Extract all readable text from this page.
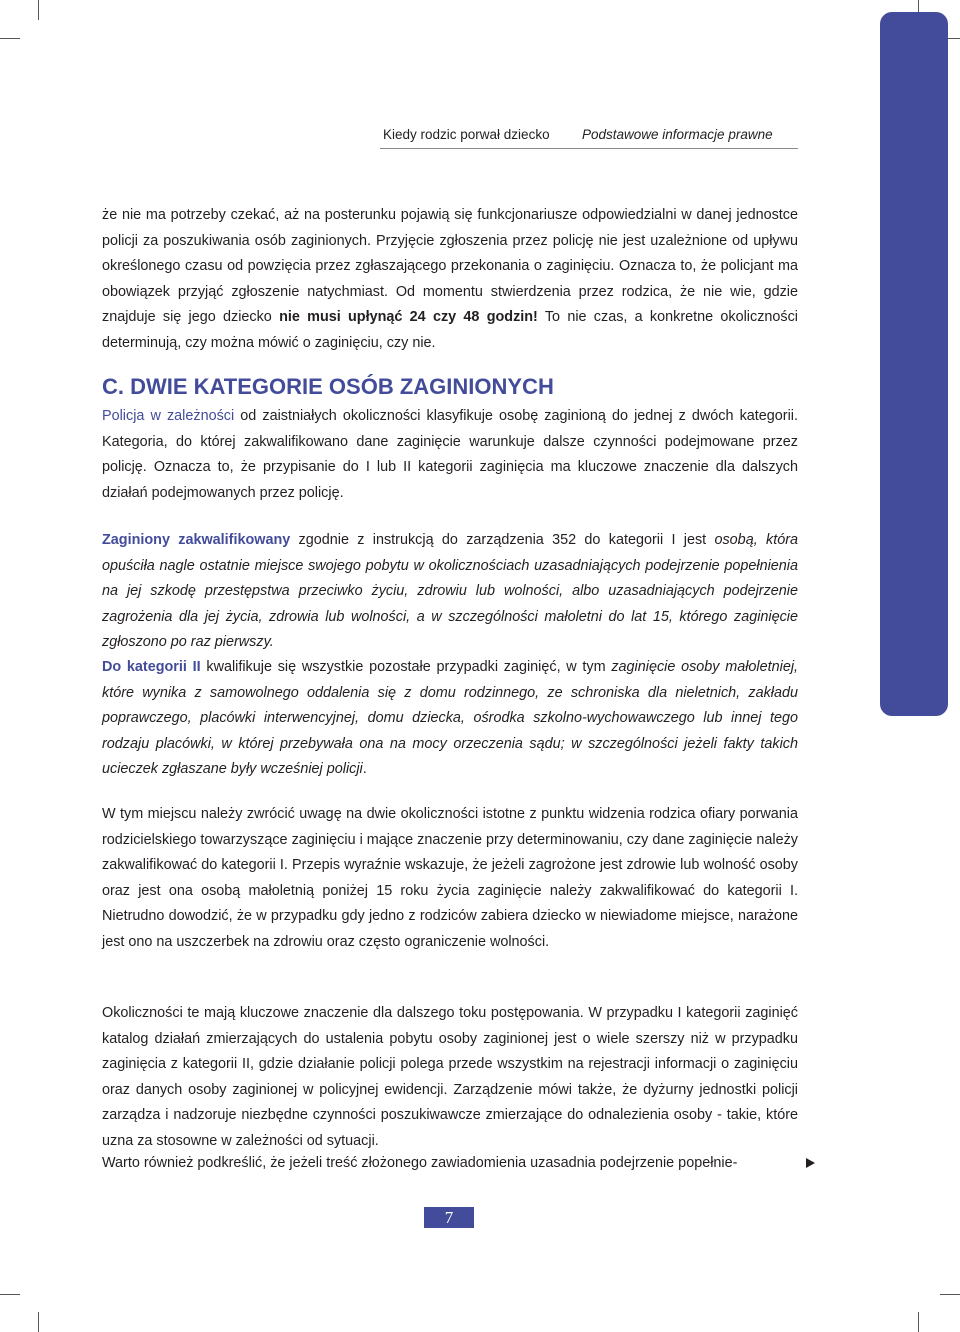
Kiedy rodzic porwał dziecko Podstawowe informacje prawne

że nie ma potrzeby czekać, aż na posterunku pojawią się funkcjonariusze odpowiedzialni w danej jednostce policji za poszukiwania osób zaginionych. Przyjęcie zgłoszenia przez policję nie jest uzależnione od upływu określonego czasu od powzięcia przez zgłaszającego przekonania o zaginięciu. Oznacza to, że policjant ma obowiązek przyjąć zgłoszenie natychmiast. Od momentu stwierdzenia przez rodzica, że nie wie, gdzie znajduje się jego dziecko nie musi upłynąć 24 czy 48 godzin! To nie czas, a konkretne okoliczności determinują, czy można mówić o zaginięciu, czy nie.

C. DWIE KATEGORIE OSÓB ZAGINIONYCH

Policja w zależności od zaistniałych okoliczności klasyfikuje osobę zaginioną do jednej z dwóch kategorii. Kategoria, do której zakwalifikowano dane zaginięcie warunkuje dalsze czynności podejmowane przez policję. Oznacza to, że przypisanie do I lub II kategorii zaginięcia ma kluczowe znaczenie dla dalszych działań podejmowanych przez policję.

Zaginiony zakwalifikowany zgodnie z instrukcją do zarządzenia 352 do kategorii I jest osobą, która opuściła nagle ostatnie miejsce swojego pobytu w okolicznościach uzasadniających podejrzenie popełnienia na jej szkodę przestępstwa przeciwko życiu, zdrowiu lub wolności, albo uzasadniających podejrzenie zagrożenia dla jej życia, zdrowia lub wolności, a w szczególności małoletni do lat 15, którego zaginięcie zgłoszono po raz pierwszy.

Do kategorii II kwalifikuje się wszystkie pozostałe przypadki zaginięć, w tym zaginięcie osoby małoletniej, które wynika z samowolnego oddalenia się z domu rodzinnego, ze schroniska dla nieletnich, zakładu poprawczego, placówki interwencyjnej, domu dziecka, ośrodka szkolno-wychowawczego lub innej tego rodzaju placówki, w której przebywała ona na mocy orzeczenia sądu; w szczególności jeżeli fakty takich ucieczek zgłaszane były wcześniej policji.

W tym miejscu należy zwrócić uwagę na dwie okoliczności istotne z punktu widzenia rodzica ofiary porwania rodzicielskiego towarzyszące zaginięciu i mające znaczenie przy determinowaniu, czy dane zaginięcie należy zakwalifikować do kategorii I. Przepis wyraźnie wskazuje, że jeżeli zagrożone jest zdrowie lub wolność osoby oraz jest ona osobą małoletnią poniżej 15 roku życia zaginięcie należy zakwalifikować do kategorii I. Nietrudno dowodzić, że w przypadku gdy jedno z rodziców zabiera dziecko w niewiadome miejsce, narażone jest ono na uszczerbek na zdrowiu oraz często ograniczenie wolności.

Okoliczności te mają kluczowe znaczenie dla dalszego toku postępowania. W przypadku I kategorii zaginięć katalog działań zmierzających do ustalenia pobytu osoby zaginionej jest o wiele szerszy niż w przypadku zaginięcia z kategorii II, gdzie działanie policji polega przede wszystkim na rejestracji informacji o zaginięciu oraz danych osoby zaginionej w policyjnej ewidencji. Zarządzenie mówi także, że dyżurny jednostki policji zarządza i nadzoruje niezbędne czynności poszukiwawcze zmierzające do odnalezienia osoby - takie, które uzna za stosowne w zależności od sytuacji.

Warto również podkreślić, że jeżeli treść złożonego zawiadomienia uzasadnia podejrzenie popełnie-

7
